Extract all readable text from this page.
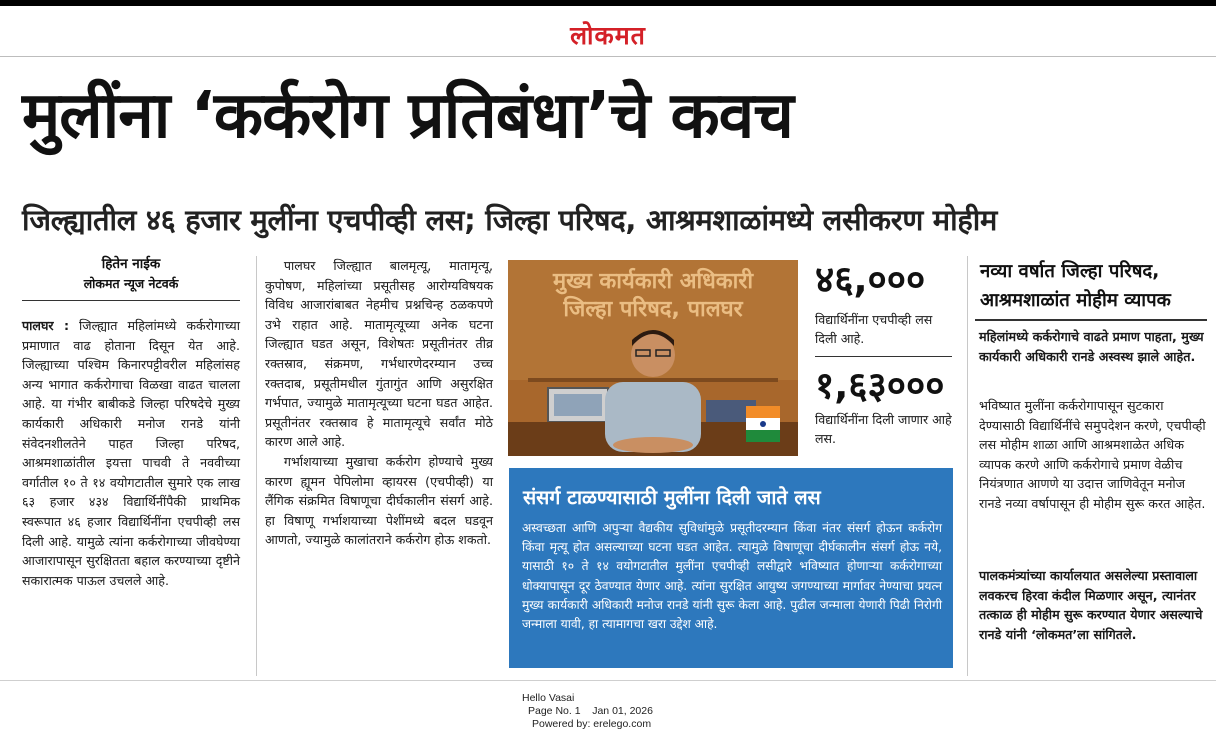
लोकमत
मुलींना ‘कर्करोग प्रतिबंधा’चे कवच
जिल्ह्यातील ४६ हजार मुलींना एचपीव्ही लस; जिल्हा परिषद, आश्रमशाळांमध्ये लसीकरण मोहीम
हितेन नाईक
लोकमत न्यूज नेटवर्क

पालघर : जिल्ह्यात महिलांमध्ये कर्करोगाच्या प्रमाणात वाढ होताना दिसून येत आहे. जिल्ह्याच्या पश्चिम किनारपट्टीवरील महिलांसह अन्य भागात कर्करोगाचा विळखा वाढत चालला आहे. या गंभीर बाबीकडे जिल्हा परिषदेचे मुख्य कार्यकारी अधिकारी मनोज रानडे यांनी संवेदनशीलतेने पाहत जिल्हा परिषद, आश्रमशाळांतील इयत्ता पाचवी ते नववीच्या वर्गातील १० ते १४ वयोगटातील सुमारे एक लाख ६३ हजार ४३४ विद्यार्थिनींपैकी प्राथमिक स्वरूपात ४६ हजार विद्यार्थिनींना एचपीव्ही लस दिली आहे. यामुळे त्यांना कर्करोगाच्या जीवघेण्या आजारापासून सुरक्षितता बहाल करण्याच्या दृष्टीने सकारात्मक पाऊल उचलले आहे.

पालघर जिल्ह्यात बालमृत्यू, मातामृत्यू, कुपोषण, महिलांच्या प्रसूतीसह आरोग्यविषयक विविध आजारांबाबत नेहमीच प्रश्नचिन्ह ठळकपणे उभे राहात आहे. मातामृत्यूच्या अनेक घटना जिल्ह्यात घडत असून, विशेषतः प्रसूतीनंतर तीव्र रक्तस्राव, संक्रमण, गर्भधारणेदरम्यान उच्च रक्तदाब, प्रसूतीमधील गुंतागुंत आणि असुरक्षित गर्भपात, ज्यामुळे मातामृत्यूच्या घटना घडत आहेत. प्रसूतीनंतर रक्तस्राव हे मातामृत्यूचे सर्वांत मोठे कारण आले आहे.

गर्भाशयाच्या मुखाचा कर्करोग होण्याचे मुख्य कारण ह्यूमन पेपिलोमा व्हायरस (एचपीव्ही) या लैंगिक संक्रमित विषाणूचा दीर्घकालीन संसर्ग आहे. हा विषाणू गर्भाशयाच्या पेशींमध्ये बदल घडवून आणतो, ज्यामुळे कालांतराने कर्करोग होऊ शकतो.

मुख्य कार्यकारी अधिकारी
जिल्हा परिषद, पालघर
४६,०००
विद्यार्थिनींना एचपीव्ही लस दिली आहे.
१,६३०००
विद्यार्थिनींना दिली जाणार आहे लस.
संसर्ग टाळण्यासाठी मुलींना दिली जाते लस
अस्वच्छता आणि अपुऱ्या वैद्यकीय सुविधांमुळे प्रसूतीदरम्यान किंवा नंतर संसर्ग होऊन कर्करोग किंवा मृत्यू होत असल्याच्या घटना घडत आहेत. त्यामुळे विषाणूचा दीर्घकालीन संसर्ग होऊ नये, यासाठी १० ते १४ वयोगटातील मुलींना एचपीव्ही लसीद्वारे भविष्यात होणाऱ्या कर्करोगाच्या धोक्यापासून दूर ठेवण्यात येणार आहे. त्यांना सुरक्षित आयुष्य जगण्याच्या मार्गावर नेण्याचा प्रयत्न मुख्य कार्यकारी अधिकारी मनोज रानडे यांनी सुरू केला आहे. पुढील जन्माला येणारी पिढी निरोगी जन्माला यावी, हा त्यामागचा खरा उद्देश आहे.
नव्या वर्षात जिल्हा परिषद, आश्रमशाळांत मोहीम व्यापक
महिलांमध्ये कर्करोगाचे वाढते प्रमाण पाहता, मुख्य कार्यकारी अधिकारी रानडे अस्वस्थ झाले आहेत.
भविष्यात मुलींना कर्करोगापासून सुटकारा देण्यासाठी विद्यार्थिनींचे समुपदेशन करणे, एचपीव्ही लस मोहीम शाळा आणि आश्रमशाळेत अधिक व्यापक करणे आणि कर्करोगाचे प्रमाण वेळीच नियंत्रणात आणणे या उदात्त जाणिवेतून मनोज रानडे नव्या वर्षापासून ही मोहीम सुरू करत आहेत.
पालकमंत्र्यांच्या कार्यालयात असलेल्या प्रस्तावाला लवकरच हिरवा कंदील मिळणार असून, त्यानंतर तत्काळ ही मोहीम सुरू करण्यात येणार असल्याचे रानडे यांनी ‘लोकमत’ला सांगितले.
Hello Vasai
Page No. 1 Jan 01, 2026
Powered by: erelego.com
